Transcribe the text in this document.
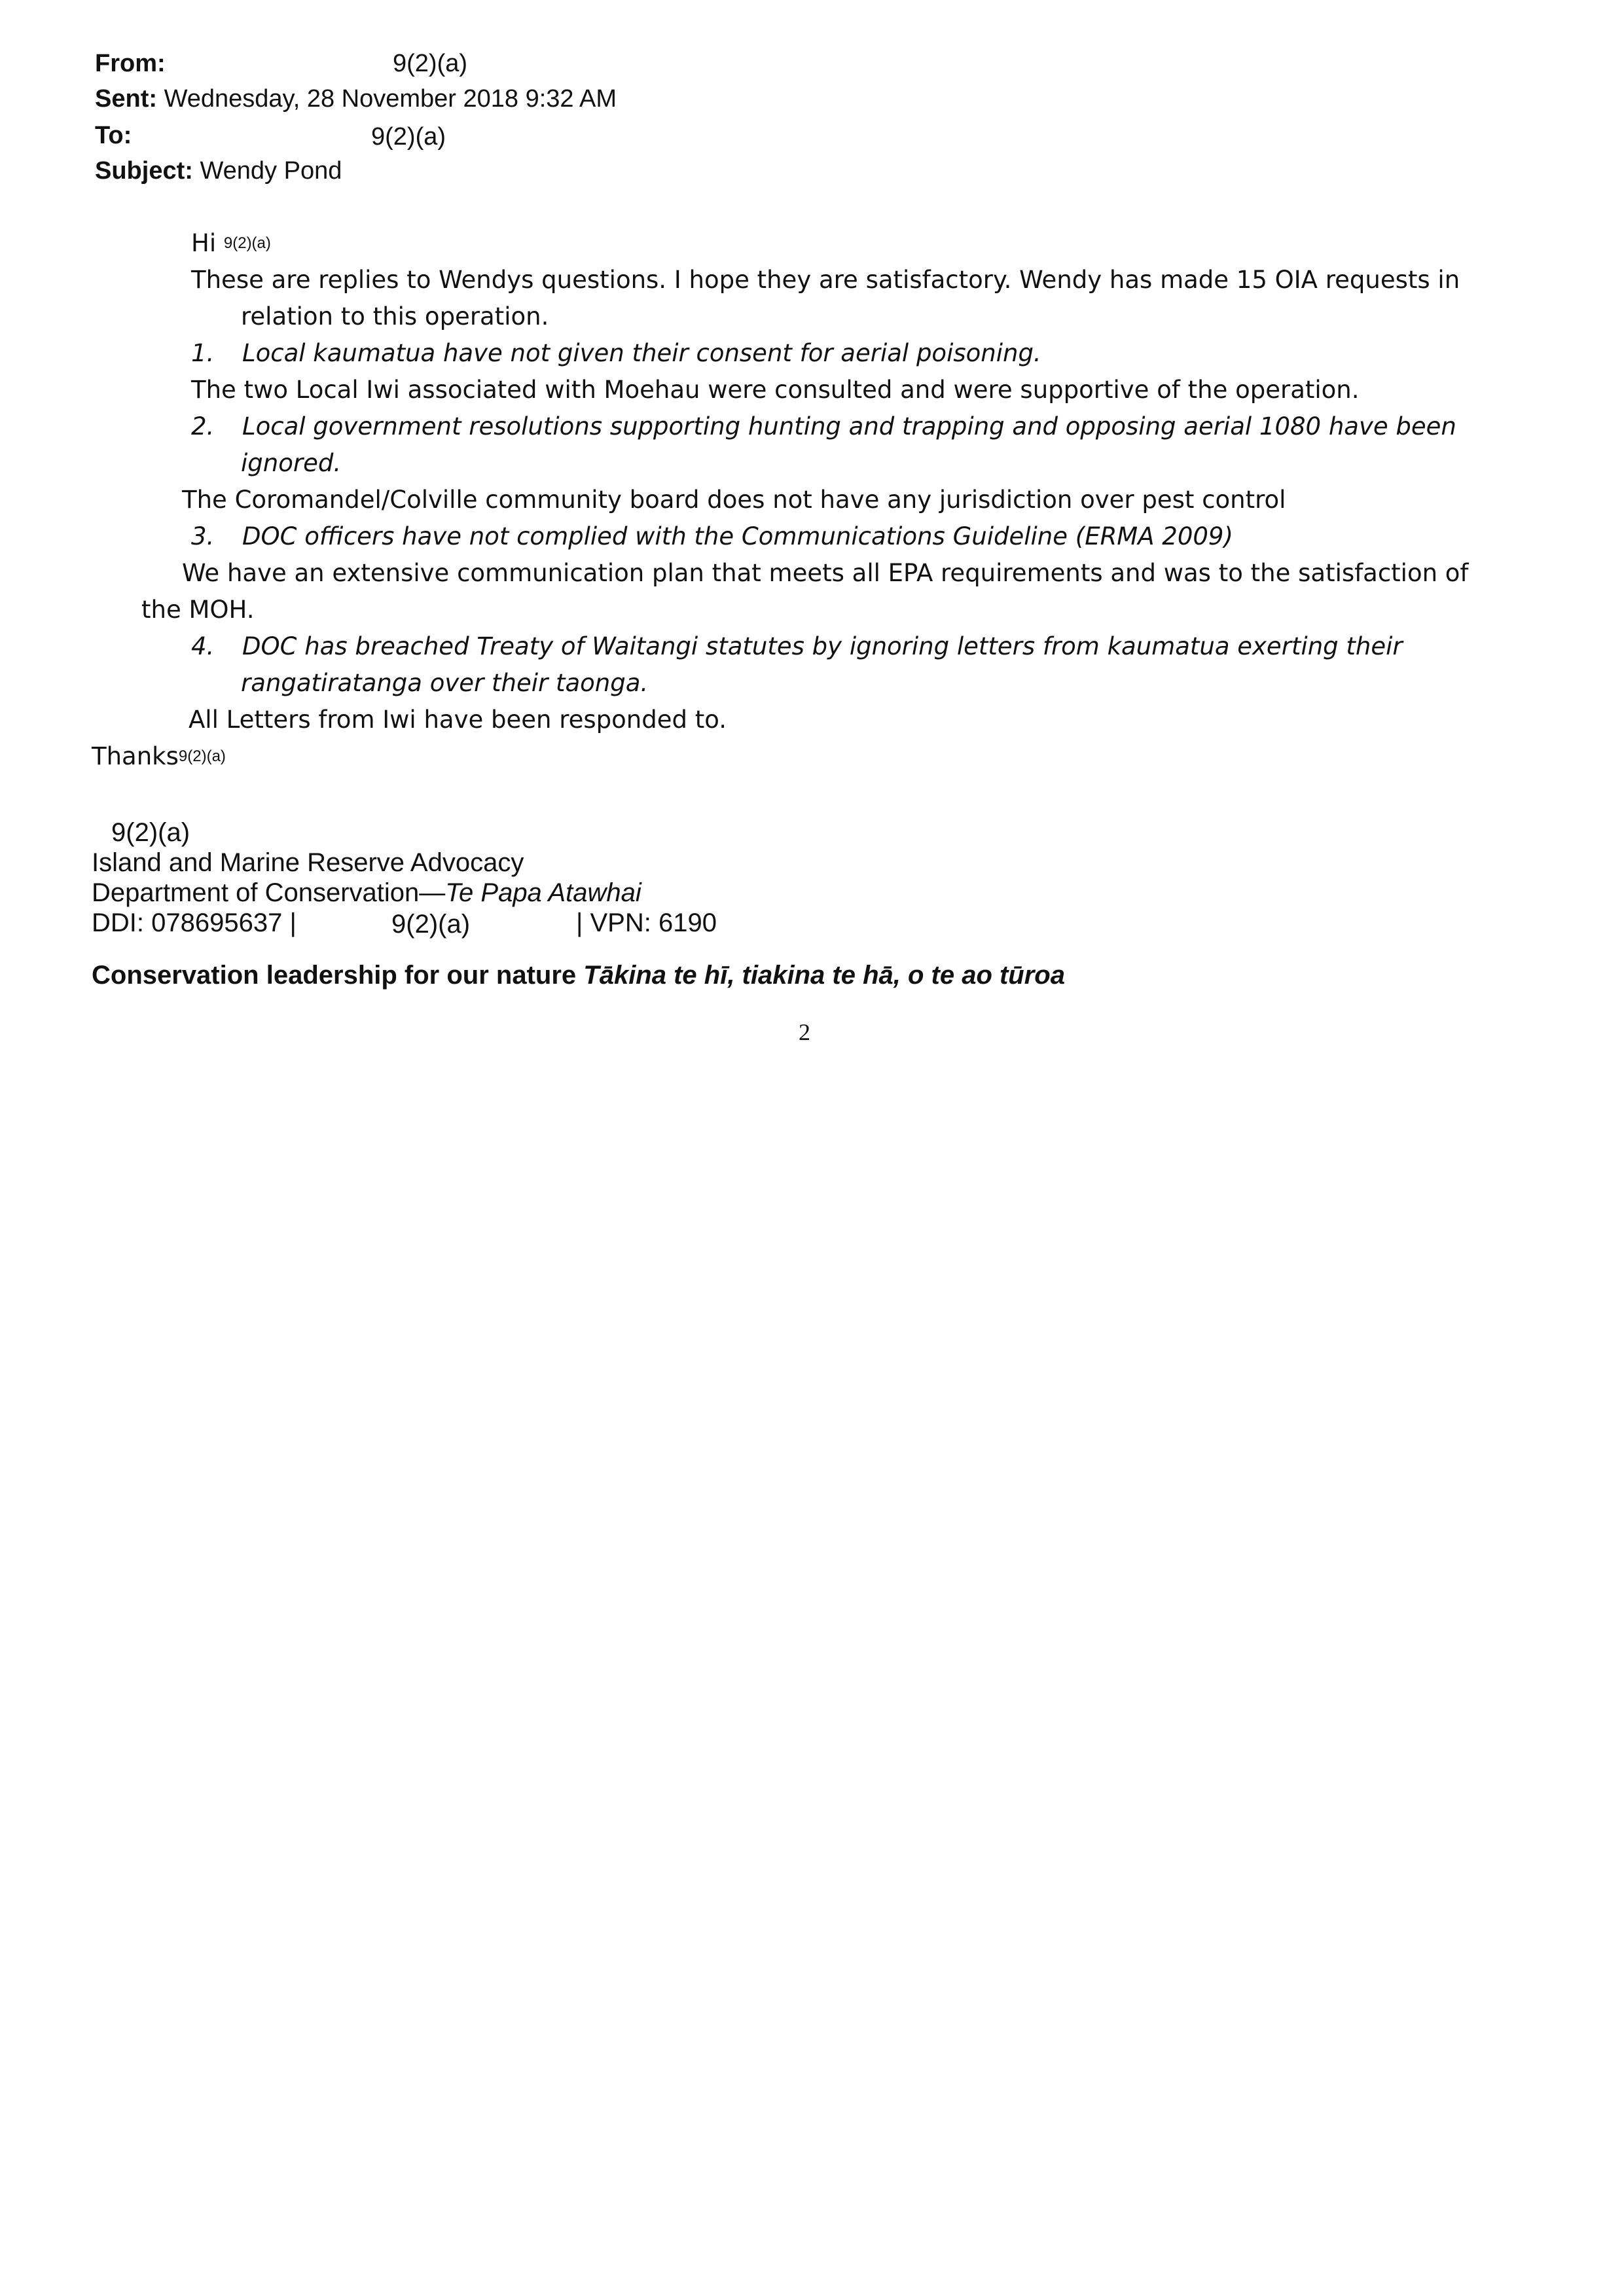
From:	9(2)(a)
Sent: Wednesday, 28 November 2018 9:32 AM
To:	9(2)(a)
Subject: Wendy Pond
Hi $^{9(2)(a)}$
These are replies to Wendys questions. I hope they are satisfactory. Wendy has made 15 OIA requests in
relation to this operation.
1. Local kaumatua have not given their consent for aerial poisoning.
The two Local Iwi associated with Moehau were consulted and were supportive of the operation.
2. Local government resolutions supporting hunting and trapping and opposing aerial 1080 have been
ignored.
The Coromandel/Colville community board does not have any jurisdiction over pest control
3. DOC officers have not complied with the Communications Guideline (ERMA 2009)
We have an extensive communication plan that meets all EPA requirements and was to the satisfaction of
the MOH.
4. DOC has breached Treaty of Waitangi statutes by ignoring letters from kaumatua exerting their
rangatiratanga over their taonga.
All Letters from Iwi have been responded to.
Thanks$^{9(2)(a)}$
9(2)(a)
Island and Marine Reserve Advocacy
Department of Conservation—Te Papa Atawhai
DDI: 078695637 |	9(2)(a)	| VPN: 6190
Conservation leadership for our nature Tākina te hī, tiakina te hā, o te ao tūroa
2
